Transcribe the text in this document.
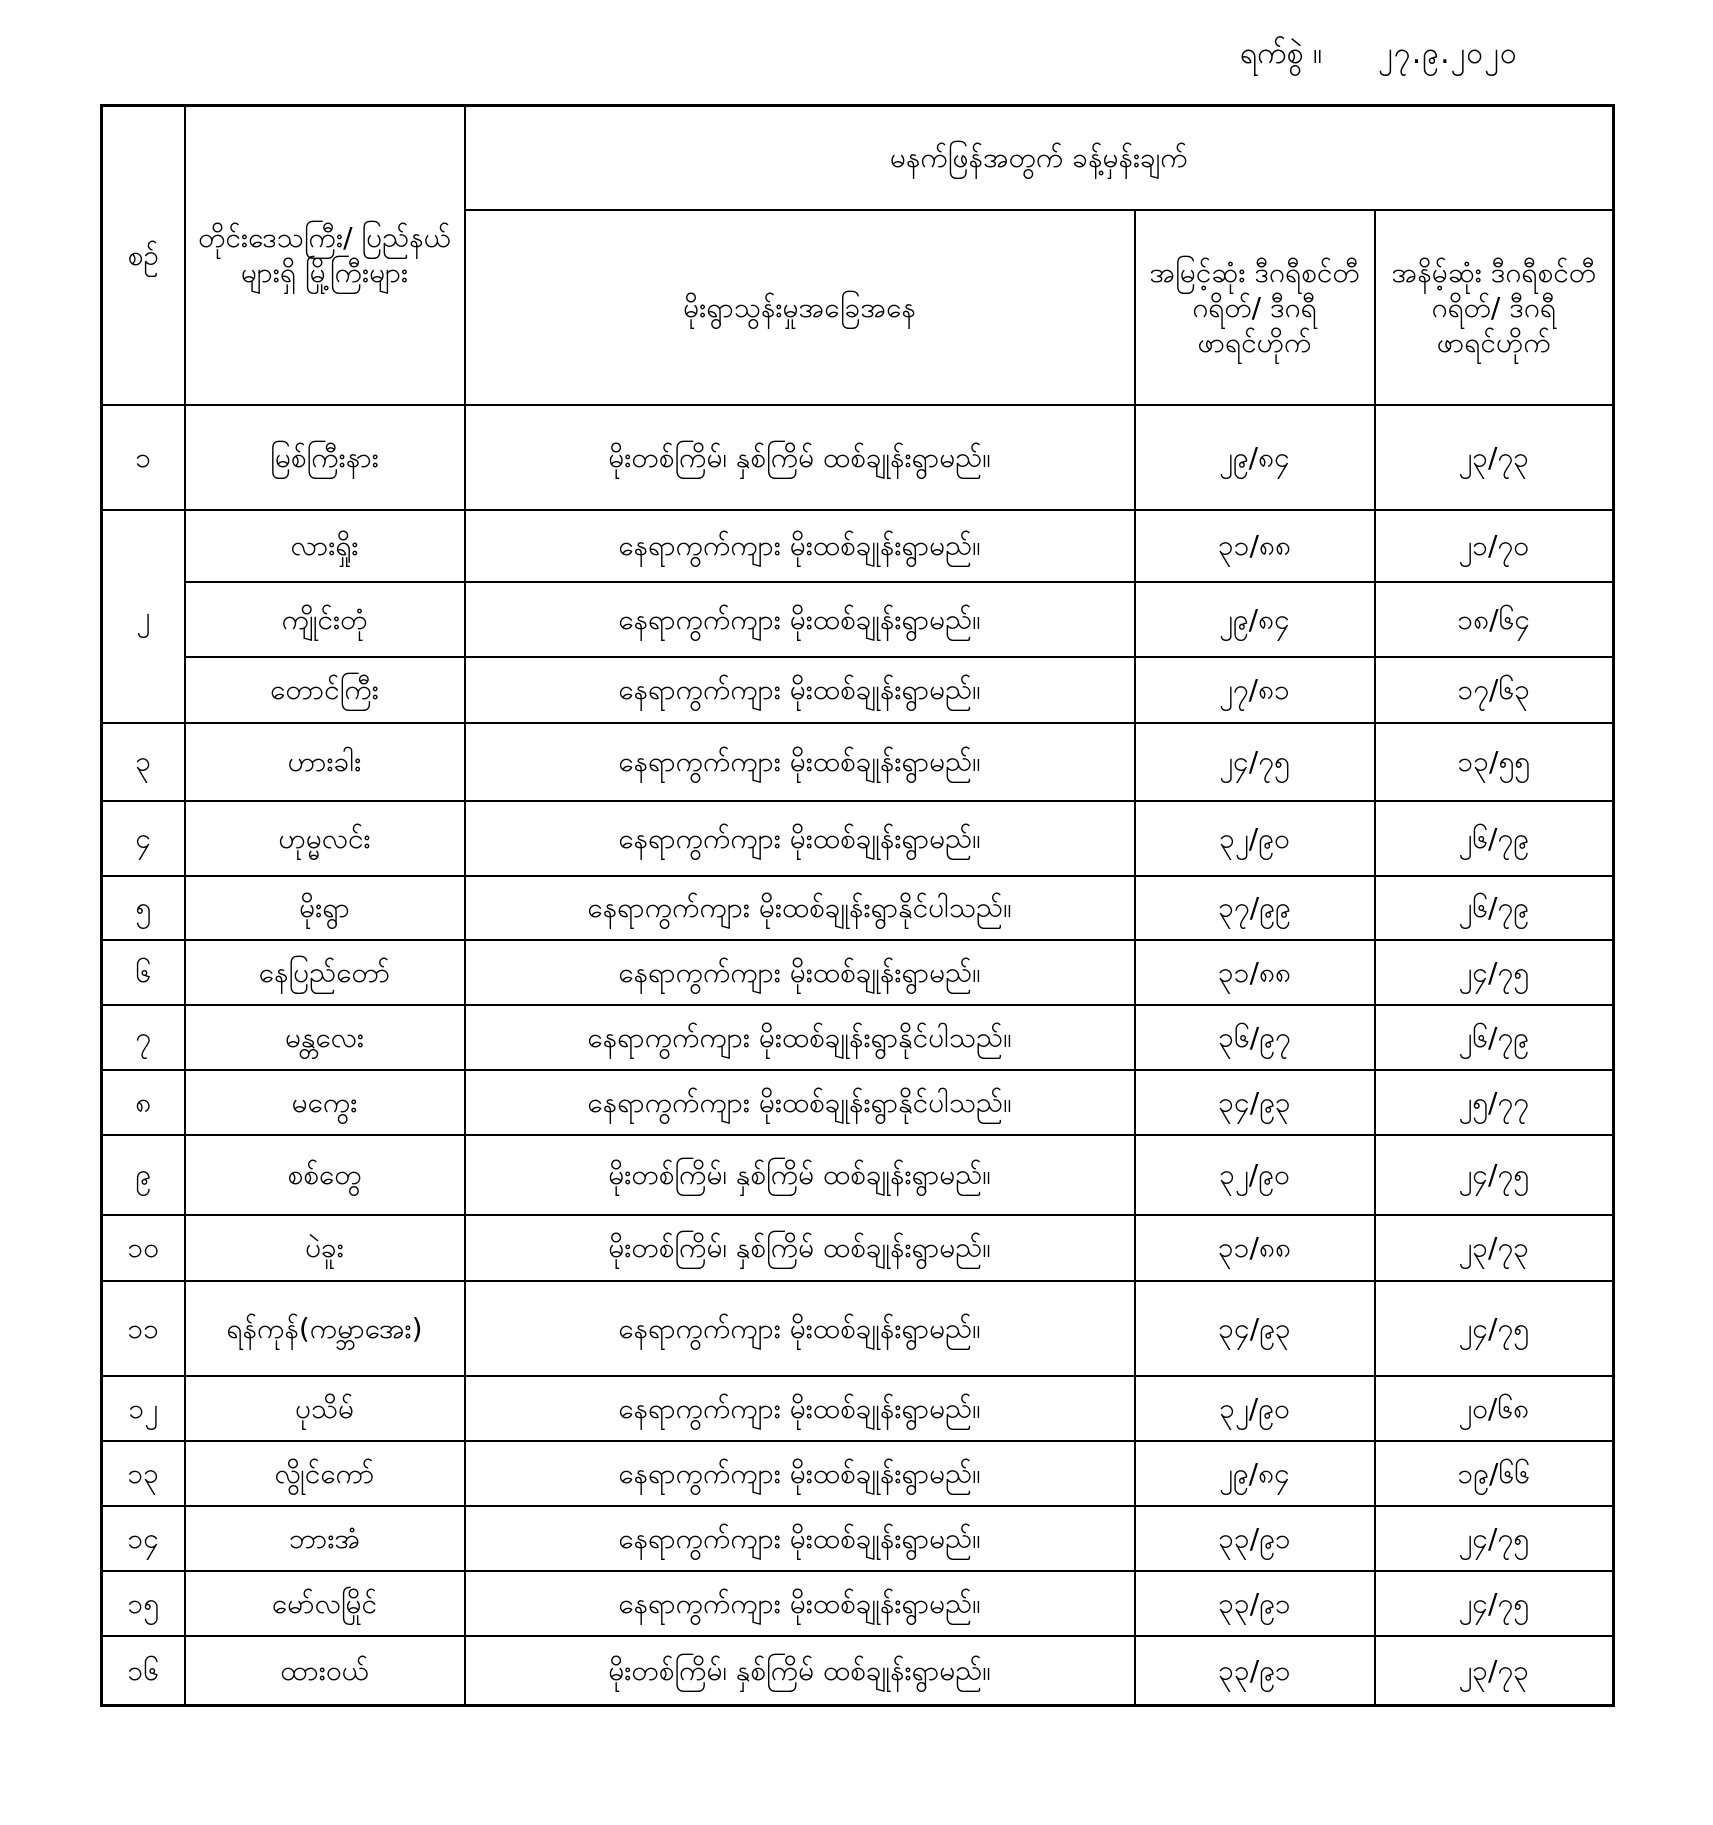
ရက်စွဲ ။ ၂၇.၉.၂၀၂၀
စဉ်	တိုင်းဒေသကြီး/ ပြည်နယ်များရှိ မြို့ကြီးများ	မနက်ဖြန်အတွက် ခန့်မှန်းချက်		
		မိုးရွာသွန်းမှုအခြေအနေ	အမြင့်ဆုံး ဒီဂရီစင်တီဂရိတ်/ ဒီဂရီဖာရင်ဟိုက်	အနိမ့်ဆုံး ဒီဂရီစင်တီဂရိတ်/ ဒီဂရီဖာရင်ဟိုက်
၁	မြစ်ကြီးနား	မိုးတစ်ကြိမ်၊ နှစ်ကြိမ် ထစ်ချုန်းရွာမည်။	၂၉/၈၄	၂၃/၇၃
၂	လားရှိုး	နေရာကွက်ကျား မိုးထစ်ချုန်းရွာမည်။	၃၁/၈၈	၂၁/၇၀
	ကျိုင်းတုံ	နေရာကွက်ကျား မိုးထစ်ချုန်းရွာမည်။	၂၉/၈၄	၁၈/၆၄
	တောင်ကြီး	နေရာကွက်ကျား မိုးထစ်ချုန်းရွာမည်။	၂၇/၈၁	၁၇/၆၃
၃	ဟားခါး	နေရာကွက်ကျား မိုးထစ်ချုန်းရွာမည်။	၂၄/၇၅	၁၃/၅၅
၄	ဟုမ္မလင်း	နေရာကွက်ကျား မိုးထစ်ချုန်းရွာမည်။	၃၂/၉၀	၂၆/၇၉
၅	မိုးရွာ	နေရာကွက်ကျား မိုးထစ်ချုန်းရွာနိုင်ပါသည်။	၃၇/၉၉	၂၆/၇၉
၆	နေပြည်တော်	နေရာကွက်ကျား မိုးထစ်ချုန်းရွာမည်။	၃၁/၈၈	၂၄/၇၅
၇	မန္တလေး	နေရာကွက်ကျား မိုးထစ်ချုန်းရွာနိုင်ပါသည်။	၃၆/၉၇	၂၆/၇၉
၈	မကွေး	နေရာကွက်ကျား မိုးထစ်ချုန်းရွာနိုင်ပါသည်။	၃၄/၉၃	၂၅/၇၇
၉	စစ်တွေ	မိုးတစ်ကြိမ်၊ နှစ်ကြိမ် ထစ်ချုန်းရွာမည်။	၃၂/၉၀	၂၄/၇၅
၁၀	ပဲခူး	မိုးတစ်ကြိမ်၊ နှစ်ကြိမ် ထစ်ချုန်းရွာမည်။	၃၁/၈၈	၂၃/၇၃
၁၁	ရန်ကုန်(ကမ္ဘာအေး)	နေရာကွက်ကျား မိုးထစ်ချုန်းရွာမည်။	၃၄/၉၃	၂၄/၇၅
၁၂	ပုသိမ်	နေရာကွက်ကျား မိုးထစ်ချုန်းရွာမည်။	၃၂/၉၀	၂၀/၆၈
၁၃	လွိုင်ကော်	နေရာကွက်ကျား မိုးထစ်ချုန်းရွာမည်။	၂၉/၈၄	၁၉/၆၆
၁၄	ဘားအံ	နေရာကွက်ကျား မိုးထစ်ချုန်းရွာမည်။	၃၃/၉၁	၂၄/၇၅
၁၅	မော်လမြိုင်	နေရာကွက်ကျား မိုးထစ်ချုန်းရွာမည်။	၃၃/၉၁	၂၄/၇၅
၁၆	ထားဝယ်	မိုးတစ်ကြိမ်၊ နှစ်ကြိမ် ထစ်ချုန်းရွာမည်။	၃၃/၉၁	၂၃/၇၃
